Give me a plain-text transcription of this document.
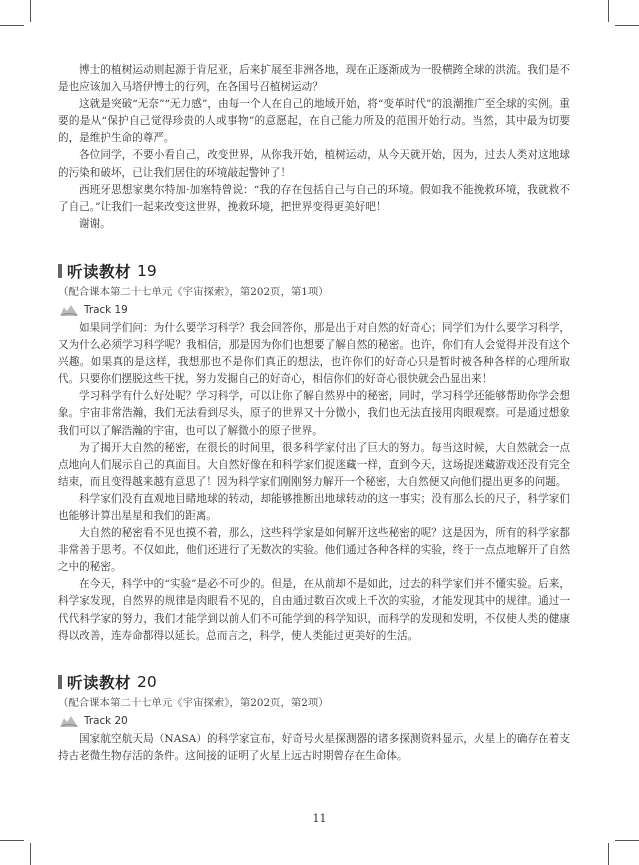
博士的植树运动则起源于肯尼亚，后来扩展至非洲各地，现在正逐渐成为一股横跨全球的洪流。我们是不是也应该加入马塔伊博士的行列，在各国号召植树运动？

这就是突破“无奈”“无力感”，由每一个人在自己的地域开始，将“变革时代”的浪潮推广至全球的实例。重要的是从“保护自己觉得珍贵的人或事物”的意愿起，在自己能力所及的范围开始行动。当然，其中最为切要的，是维护生命的尊严。

各位同学，不要小看自己，改变世界，从你我开始，植树运动，从今天就开始，因为，过去人类对这地球的污染和破坏，已让我们居住的环境敲起警钟了！

西班牙思想家奥尔特加·加塞特曾说：“我的存在包括自己与自己的环境。假如我不能挽救环境，我就救不了自己。”让我们一起来改变这世界，挽救环境，把世界变得更美好吧！

谢谢。

听读教材 19
（配合课本第二十七单元《宇宙探索》，第202页，第1项）
Track 19

如果同学们问：为什么要学习科学？我会回答你，那是出于对自然的好奇心；同学们为什么要学习科学，又为什么必须学习科学呢？我相信，那是因为你们也想要了解自然的秘密。也许，你们有人会觉得并没有这个兴趣。如果真的是这样，我想那也不是你们真正的想法，也许你们的好奇心只是暂时被各种各样的心理所取代。只要你们摆脱这些干扰，努力发掘自己的好奇心，相信你们的好奇心很快就会凸显出来！

学习科学有什么好处呢？学习科学，可以让你了解自然界中的秘密，同时，学习科学还能够帮助你学会想象。宇宙非常浩瀚，我们无法看到尽头，原子的世界又十分微小，我们也无法直接用肉眼观察。可是通过想象我们可以了解浩瀚的宇宙，也可以了解微小的原子世界。

为了揭开大自然的秘密，在很长的时间里，很多科学家付出了巨大的努力。每当这时候，大自然就会一点点地向人们展示自己的真面目。大自然好像在和科学家们捉迷藏一样，直到今天，这场捉迷藏游戏还没有完全结束，而且变得越来越有意思了！因为科学家们刚刚努力解开一个秘密，大自然便又向他们提出更多的问题。

科学家们没有直观地目睹地球的转动，却能够推断出地球转动的这一事实；没有那么长的尺子，科学家们也能够计算出星星和我们的距离。

大自然的秘密看不见也摸不着，那么，这些科学家是如何解开这些秘密的呢？这是因为，所有的科学家都非常善于思考。不仅如此，他们还进行了无数次的实验。他们通过各种各样的实验，终于一点点地解开了自然之中的秘密。

在今天，科学中的“实验”是必不可少的。但是，在从前却不是如此，过去的科学家们并不懂实验。后来，科学家发现，自然界的规律是肉眼看不见的，自由通过数百次或上千次的实验，才能发现其中的规律。通过一代代科学家的努力，我们才能学到以前人们不可能学到的科学知识，而科学的发现和发明，不仅使人类的健康得以改善，连寿命都得以延长。总而言之，科学，使人类能过更美好的生活。

听读教材 20
（配合课本第二十七单元《宇宙探索》，第202页，第2项）
Track 20

国家航空航天局（NASA）的科学家宣布，好奇号火星探测器的诸多探测资料显示，火星上的确存在着支持古老微生物存活的条件。这间接的证明了火星上远古时期曾存在生命体。

11
